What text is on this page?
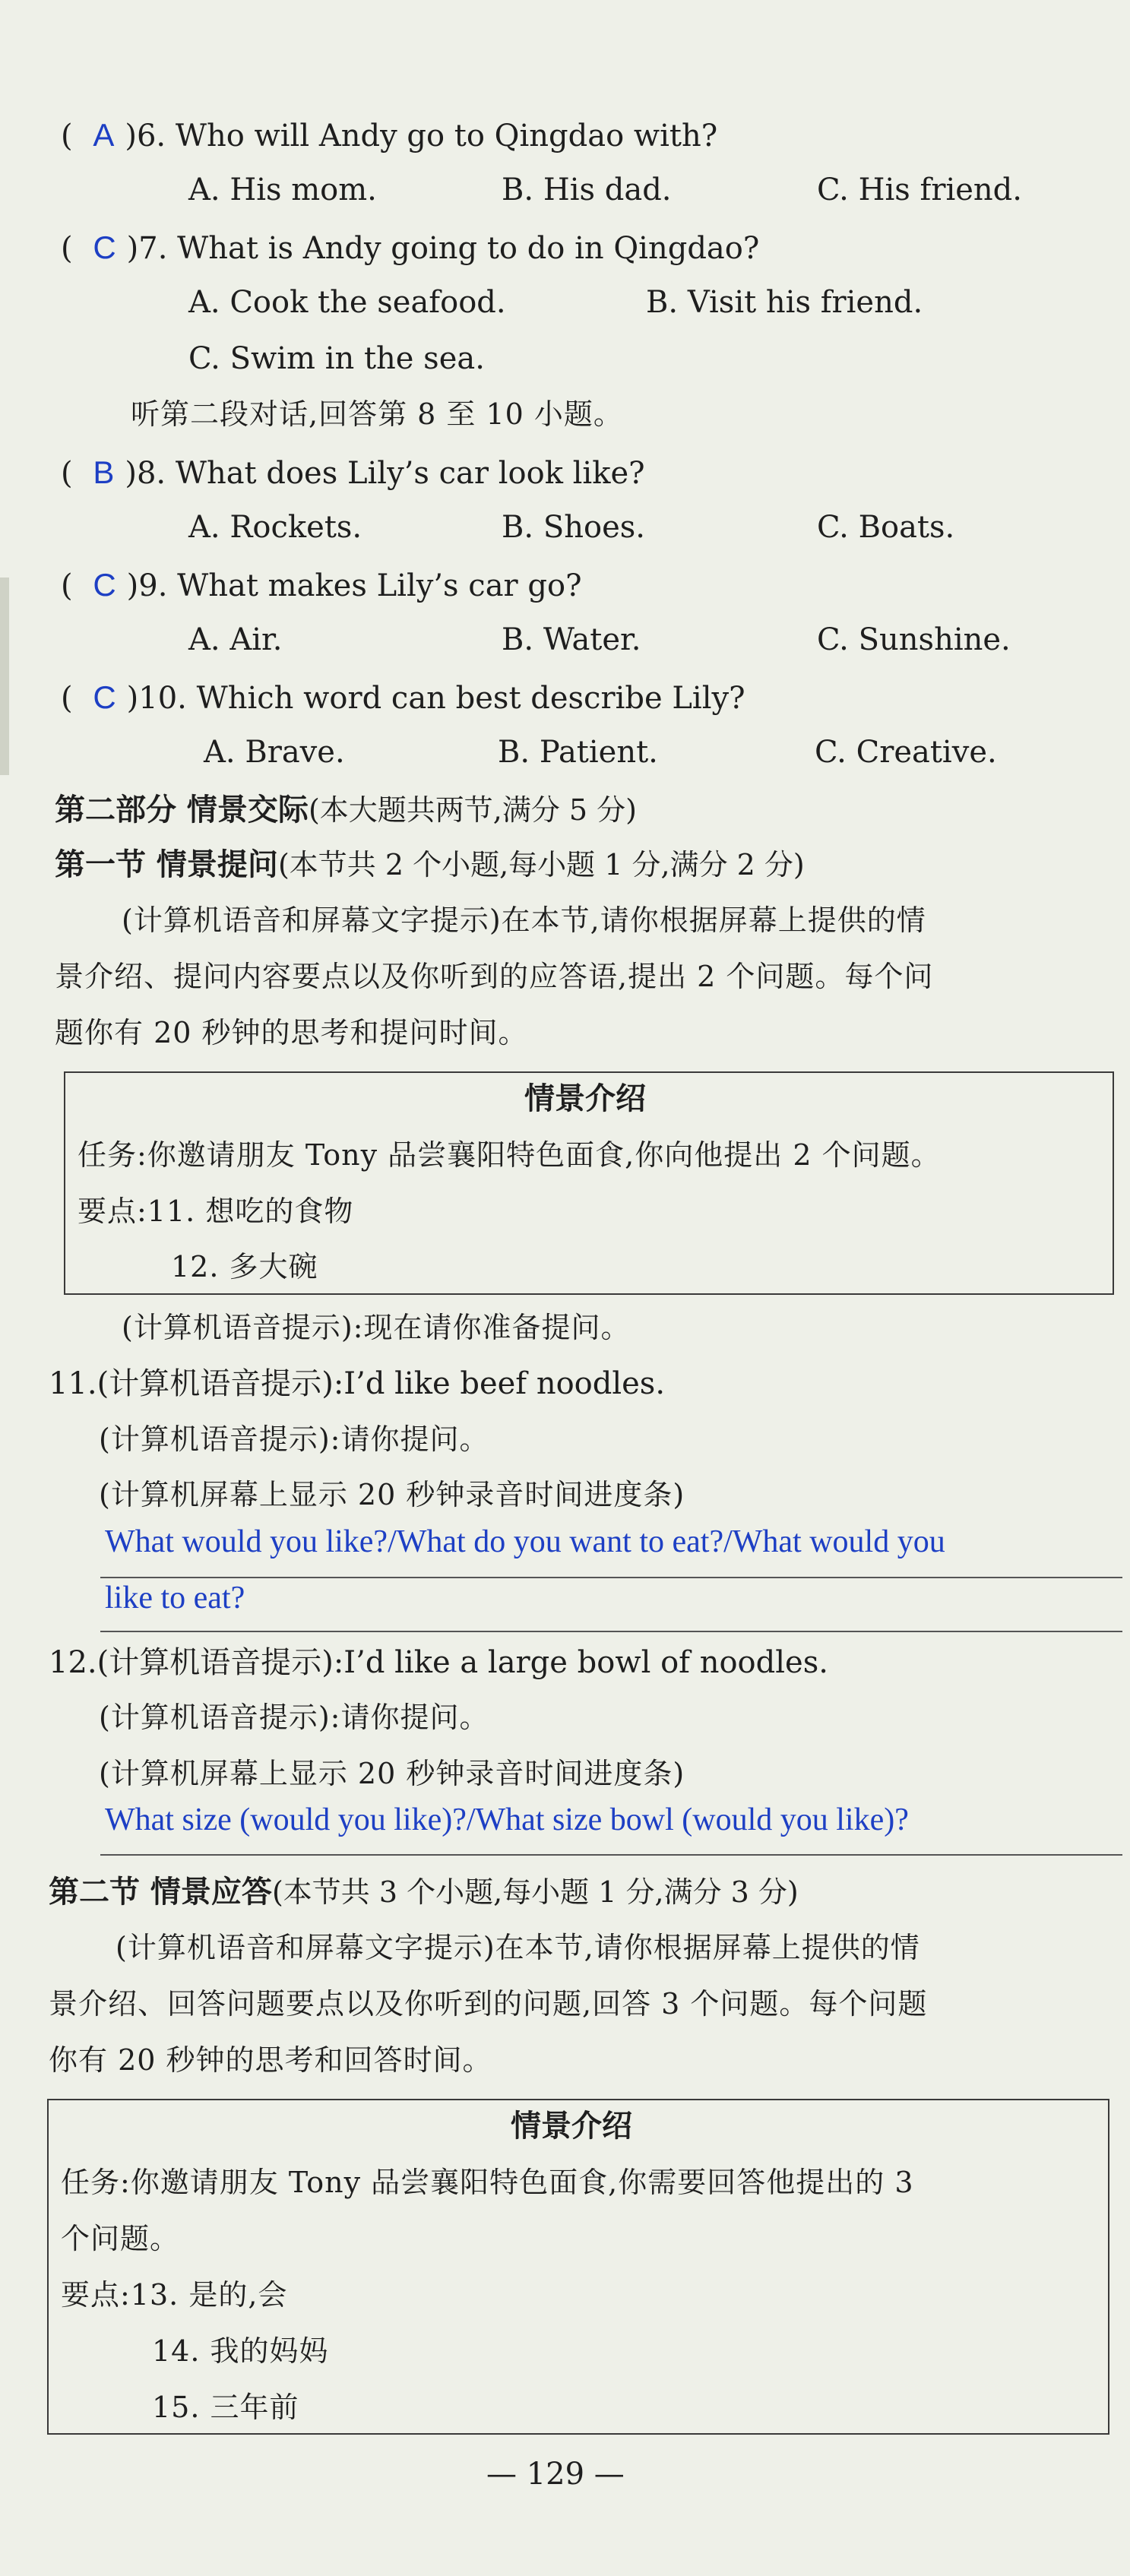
( A )6. Who will Andy go to Qingdao with?
A. His mom.	B. His dad.	C. His friend.
( C )7. What is Andy going to do in Qingdao?
A. Cook the seafood.	B. Visit his friend.
C. Swim in the sea.
听第二段对话,回答第 8 至 10 小题。
( B )8. What does Lily’s car look like?
A. Rockets.	B. Shoes.	C. Boats.
( C )9. What makes Lily’s car go?
A. Air.	B. Water.	C. Sunshine.
( C )10. Which word can best describe Lily?
A. Brave.	B. Patient.	C. Creative.
第二部分 情景交际(本大题共两节,满分 5 分)
第一节 情景提问(本节共 2 个小题,每小题 1 分,满分 2 分)
(计算机语音和屏幕文字提示)在本节,请你根据屏幕上提供的情
景介绍、提问内容要点以及你听到的应答语,提出 2 个问题。每个问
题你有 20 秒钟的思考和提问时间。
情景介绍
任务:你邀请朋友 Tony 品尝襄阳特色面食,你向他提出 2 个问题。
要点:11. 想吃的食物
12. 多大碗
(计算机语音提示):现在请你准备提问。
11.(计算机语音提示):I’d like beef noodles.
(计算机语音提示):请你提问。
(计算机屏幕上显示 20 秒钟录音时间进度条)
What would you like?/What do you want to eat?/What would you
like to eat?
12.(计算机语音提示):I’d like a large bowl of noodles.
(计算机语音提示):请你提问。
(计算机屏幕上显示 20 秒钟录音时间进度条)
What size (would you like)?/What size bowl (would you like)?
第二节 情景应答(本节共 3 个小题,每小题 1 分,满分 3 分)
(计算机语音和屏幕文字提示)在本节,请你根据屏幕上提供的情
景介绍、回答问题要点以及你听到的问题,回答 3 个问题。每个问题
你有 20 秒钟的思考和回答时间。
情景介绍
任务:你邀请朋友 Tony 品尝襄阳特色面食,你需要回答他提出的 3
个问题。
要点:13. 是的,会
14. 我的妈妈
15. 三年前
— 129 —
